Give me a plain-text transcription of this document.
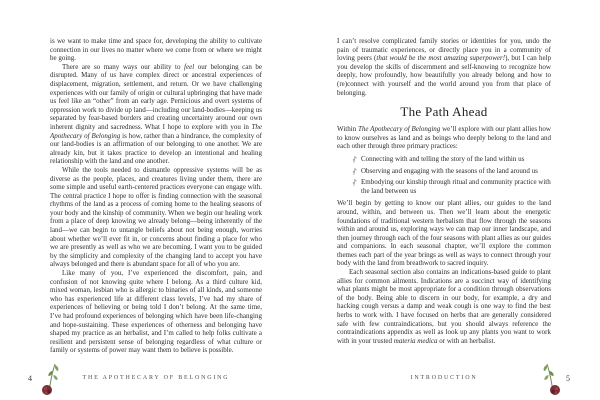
is we want to make time and space for, developing the ability to cultivate connection in our lives no matter where we come from or where we might be going.

There are so many ways our ability to feel our belonging can be disrupted. Many of us have complex direct or ancestral experiences of displacement, migration, settlement, and return. Or we have challenging experiences with our family of origin or cultural upbringing that have made us feel like an “other” from an early age. Pernicious and overt systems of oppression work to divide up land—including our land-bodies—keeping us separated by fear-based borders and creating uncertainty around our own inherent dignity and sacredness. What I hope to explore with you in The Apothecary of Belonging is how, rather than a hindrance, the complexity of our land-bodies is an affirmation of our belonging to one another. We are already kin, but it takes practice to develop an intentional and healing relationship with the land and one another.

While the tools needed to dismantle oppressive systems will be as diverse as the people, places, and creatures living under them, there are some simple and useful earth-centered practices everyone can engage with. The central practice I hope to offer is finding connection with the seasonal rhythms of the land as a process of coming home to the healing seasons of your body and the kinship of community. When we begin our healing work from a place of deep knowing we already belong—being inherently of the land—we can begin to untangle beliefs about not being enough, worries about whether we’ll ever fit in, or concerns about finding a place for who we are presently as well as who we are becoming. I want you to be guided by the simplicity and complexity of the changing land to accept you have always belonged and there is abundant space for all of who you are.

Like many of you, I’ve experienced the discomfort, pain, and confusion of not knowing quite where I belong. As a third culture kid, mixed woman, lesbian who is allergic to binaries of all kinds, and someone who has experienced life at different class levels, I’ve had my share of experiences of believing or being told I don’t belong. At the same time, I’ve had profound experiences of belonging which have been life-changing and hope-sustaining. These experiences of otherness and belonging have shaped my practice as an herbalist, and I’m called to help folks cultivate a resilient and persistent sense of belonging regardless of what culture or family or systems of power may want them to believe is possible.

4	THE APOTHECARY OF BELONGING

I can’t resolve complicated family stories or identities for you, undo the pain of traumatic experiences, or directly place you in a community of loving peers (that would be the most amazing superpower!), but I can help you develop the skills of discernment and self-knowing to recognize how deeply, how profoundly, how beautifully you already belong and how to (re)connect with yourself and the world around you from that place of belonging.

The Path Ahead

Within The Apothecary of Belonging we’ll explore with our plant allies how to know ourselves as land and as beings who deeply belong to the land and each other through three primary practices:

Connecting with and telling the story of the land within us
Observing and engaging with the seasons of the land around us
Embodying our kinship through ritual and community practice with the land between us

We’ll begin by getting to know our plant allies, our guides to the land around, within, and between us. Then we’ll learn about the energetic foundations of traditional western herbalism that flow through the seasons within and around us, exploring ways we can map our inner landscape, and then journey through each of the four seasons with plant allies as our guides and companions. In each seasonal chapter, we’ll explore the common themes each part of the year brings as well as ways to connect through your body with the land from breathwork to sacred inquiry.

Each seasonal section also contains an indications-based guide to plant allies for common ailments. Indications are a succinct way of identifying what plants might be most appropriate for a condition through observations of the body. Being able to discern in our body, for example, a dry and hacking cough versus a damp and weak cough is one way to find the best herbs to work with. I have focused on herbs that are generally considered safe with few contraindications, but you should always reference the contraindications appendix as well as look up any plants you want to work with in your trusted materia medica or with an herbalist.

5
INTRODUCTION
